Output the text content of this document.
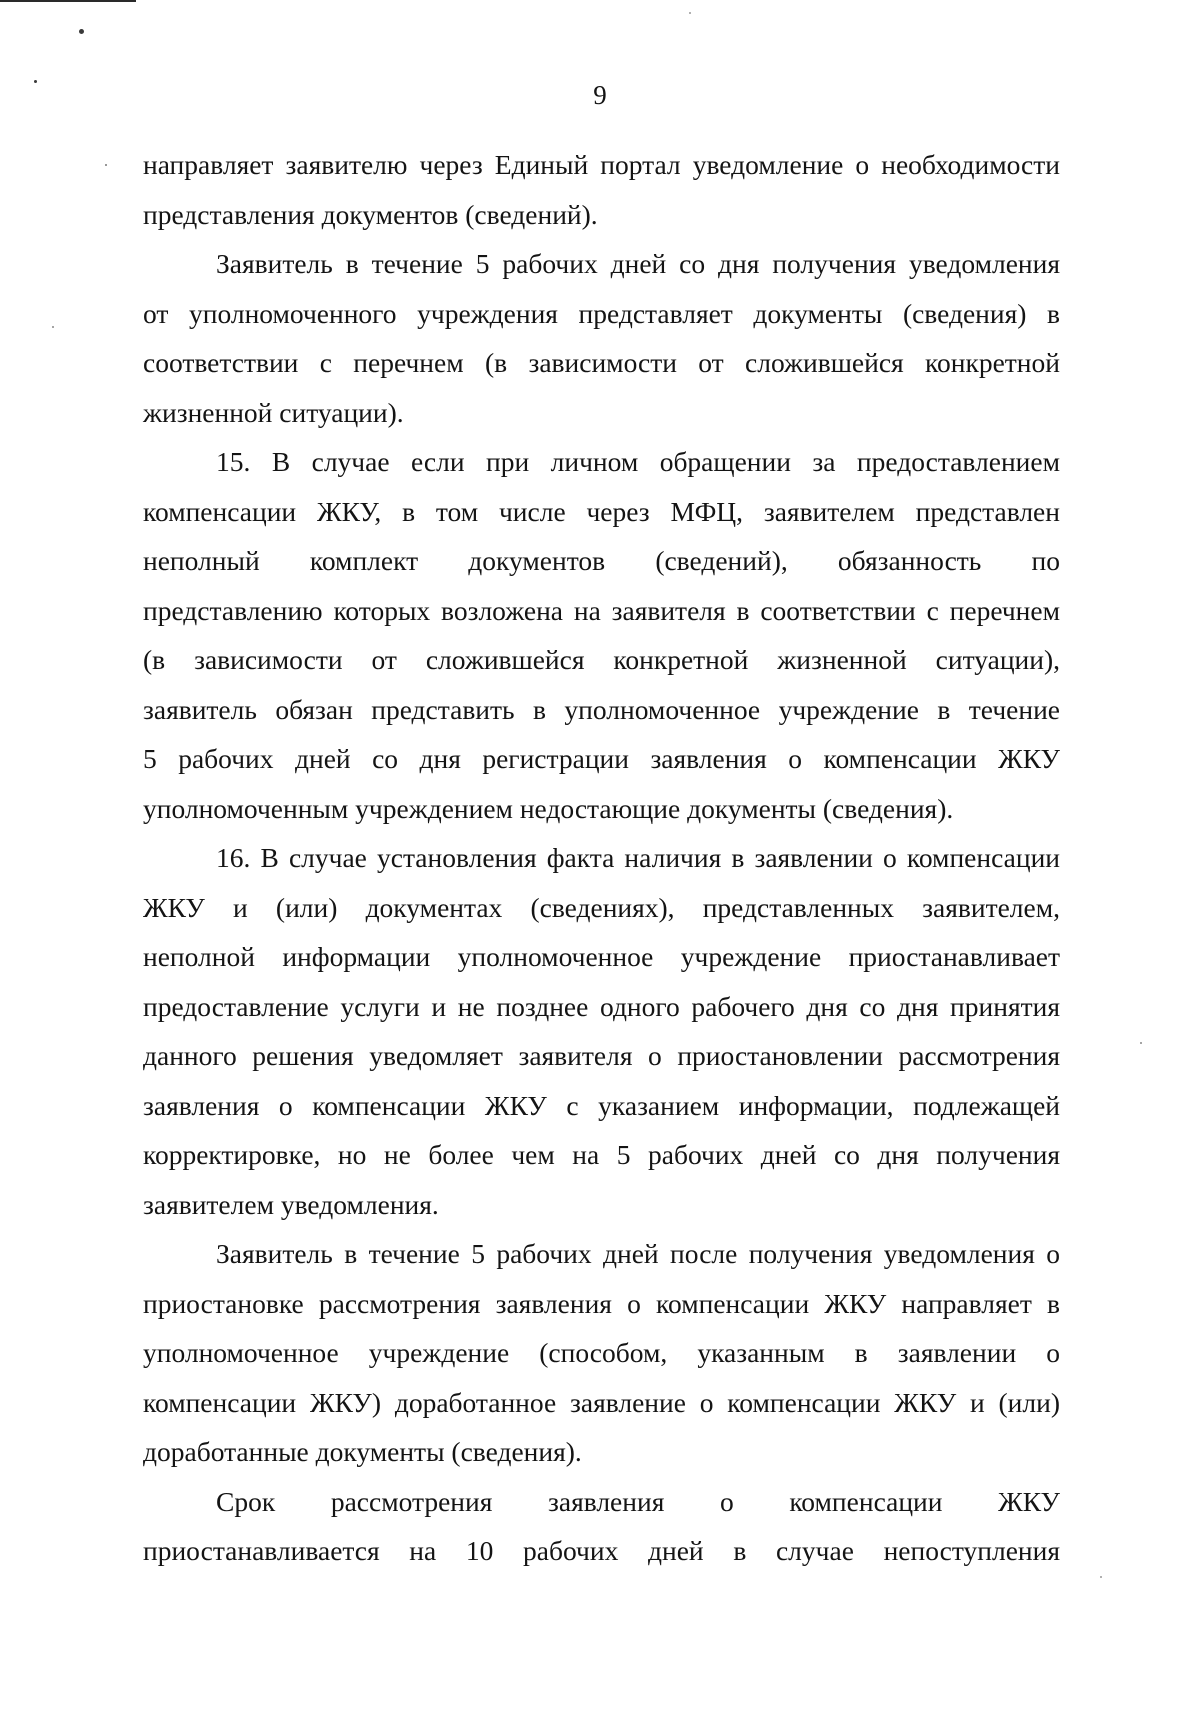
9
направляет заявителю через Единый портал уведомление о необходимости
представления документов (сведений).
Заявитель в течение 5 рабочих дней со дня получения уведомления
от уполномоченного учреждения представляет документы (сведения) в
соответствии с перечнем (в зависимости от сложившейся конкретной
жизненной ситуации).
15. В случае если при личном обращении за предоставлением
компенсации ЖКУ, в том числе через МФЦ, заявителем представлен
неполный комплект документов (сведений), обязанность по
представлению которых возложена на заявителя в соответствии с перечнем
(в зависимости от сложившейся конкретной жизненной ситуации),
заявитель обязан представить в уполномоченное учреждение в течение
5 рабочих дней со дня регистрации заявления о компенсации ЖКУ
уполномоченным учреждением недостающие документы (сведения).
16. В случае установления факта наличия в заявлении о компенсации
ЖКУ и (или) документах (сведениях), представленных заявителем,
неполной информации уполномоченное учреждение приостанавливает
предоставление услуги и не позднее одного рабочего дня со дня принятия
данного решения уведомляет заявителя о приостановлении рассмотрения
заявления о компенсации ЖКУ с указанием информации, подлежащей
корректировке, но не более чем на 5 рабочих дней со дня получения
заявителем уведомления.
Заявитель в течение 5 рабочих дней после получения уведомления о
приостановке рассмотрения заявления о компенсации ЖКУ направляет в
уполномоченное учреждение (способом, указанным в заявлении о
компенсации ЖКУ) доработанное заявление о компенсации ЖКУ и (или)
доработанные документы (сведения).
Срок рассмотрения заявления о компенсации ЖКУ
приостанавливается на 10 рабочих дней в случае непоступления
